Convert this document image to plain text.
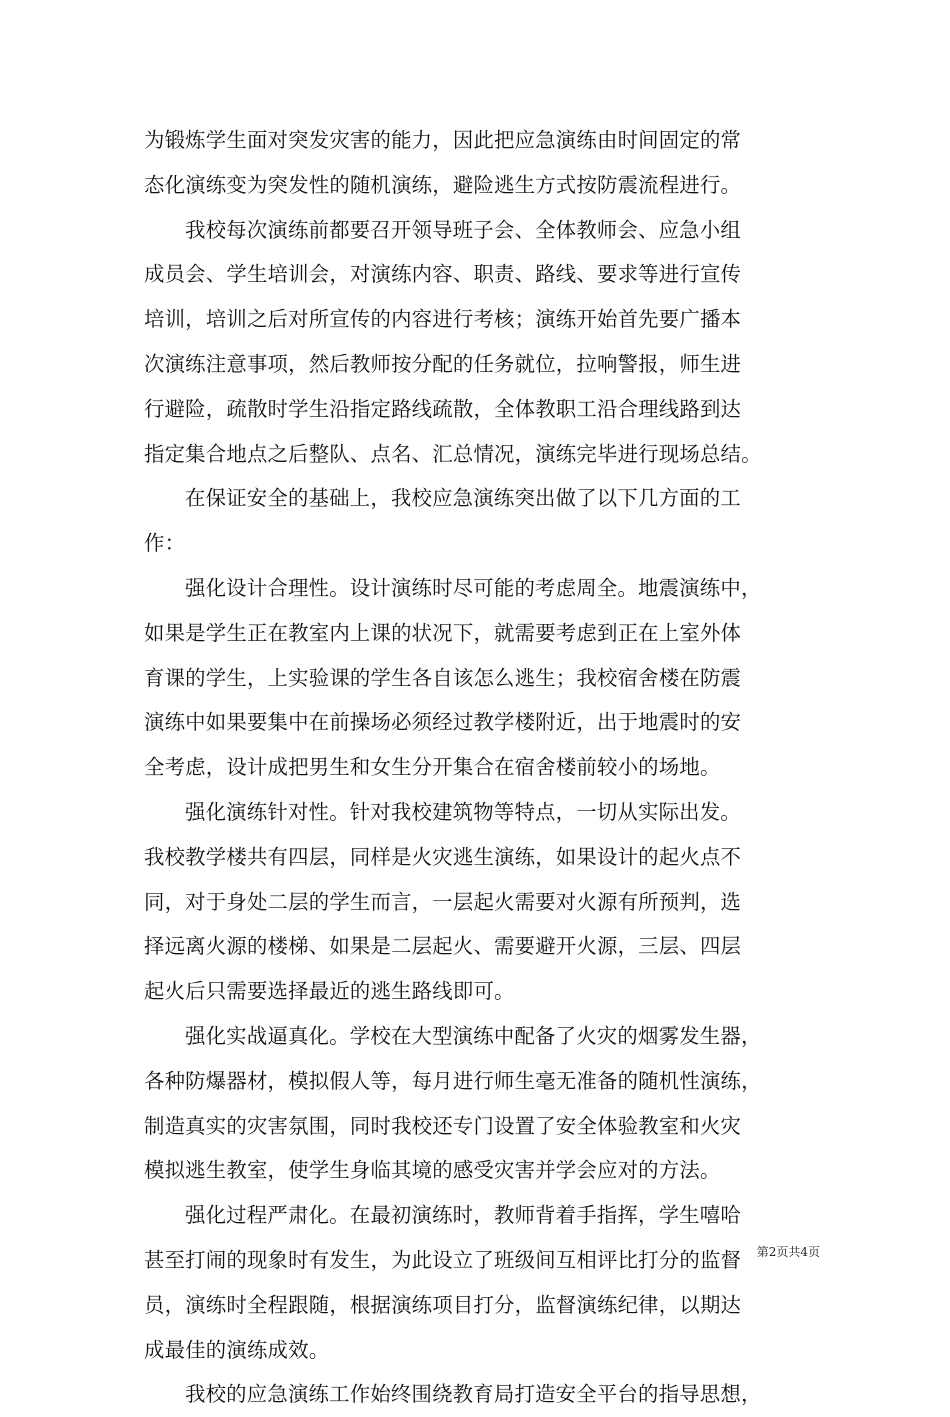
为锻炼学生面对突发灾害的能力，因此把应急演练由时间固定的常
态化演练变为突发性的随机演练，避险逃生方式按防震流程进行。
我校每次演练前都要召开领导班子会、全体教师会、应急小组
成员会、学生培训会，对演练内容、职责、路线、要求等进行宣传
培训，培训之后对所宣传的内容进行考核；演练开始首先要广播本
次演练注意事项，然后教师按分配的任务就位，拉响警报，师生进
行避险，疏散时学生沿指定路线疏散，全体教职工沿合理线路到达
指定集合地点之后整队、点名、汇总情况，演练完毕进行现场总结。
在保证安全的基础上，我校应急演练突出做了以下几方面的工
作：
强化设计合理性。设计演练时尽可能的考虑周全。地震演练中，
如果是学生正在教室内上课的状况下，就需要考虑到正在上室外体
育课的学生，上实验课的学生各自该怎么逃生；我校宿舍楼在防震
演练中如果要集中在前操场必须经过教学楼附近，出于地震时的安
全考虑，设计成把男生和女生分开集合在宿舍楼前较小的场地。
强化演练针对性。针对我校建筑物等特点，一切从实际出发。
我校教学楼共有四层，同样是火灾逃生演练，如果设计的起火点不
同，对于身处二层的学生而言，一层起火需要对火源有所预判，选
择远离火源的楼梯、如果是二层起火、需要避开火源，三层、四层
起火后只需要选择最近的逃生路线即可。
强化实战逼真化。学校在大型演练中配备了火灾的烟雾发生器，
各种防爆器材，模拟假人等，每月进行师生毫无准备的随机性演练，
制造真实的灾害氛围，同时我校还专门设置了安全体验教室和火灾
模拟逃生教室，使学生身临其境的感受灾害并学会应对的方法。
强化过程严肃化。在最初演练时，教师背着手指挥，学生嘻哈
甚至打闹的现象时有发生，为此设立了班级间互相评比打分的监督
员，演练时全程跟随，根据演练项目打分，监督演练纪律，以期达
成最佳的演练成效。
我校的应急演练工作始终围绕教育局打造安全平台的指导思想，
第2页共4页
